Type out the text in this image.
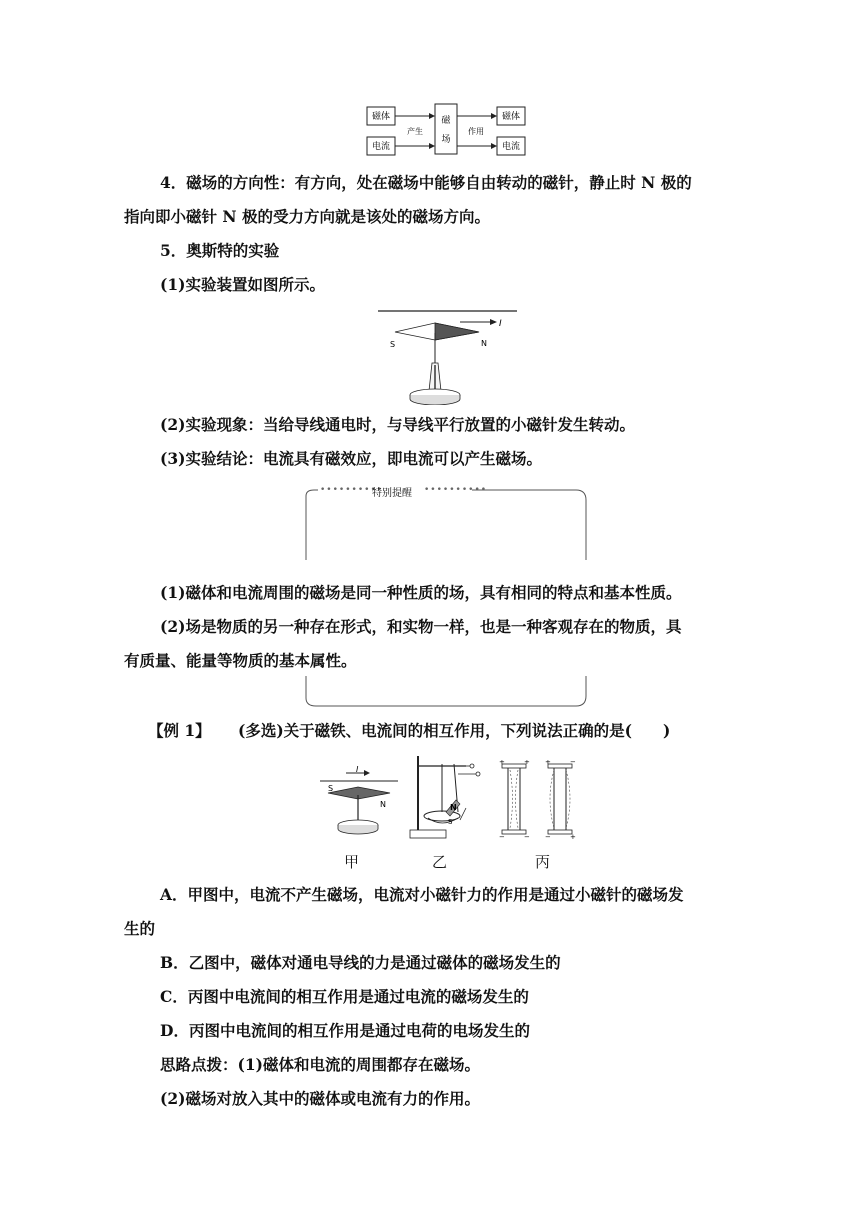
磁体
电流
产生
磁
场
作用
磁体
电流
4．磁场的方向性：有方向，处在磁场中能够自由转动的磁针，静止时 N 极的
指向即小磁针 N 极的受力方向就是该处的磁场方向。
5．奥斯特的实验
(1)实验装置如图所示。
I
S	N
(2)实验现象：当给导线通电时，与导线平行放置的小磁针发生转动。
(3)实验结论：电流具有磁效应，即电流可以产生磁场。
••••••••••
特别提醒 ••••••••••
(1)磁体和电流周围的磁场是同一种性质的场，具有相同的特点和基本性质。
(2)场是物质的另一种存在形式，和实物一样，也是一种客观存在的物质，具
有质量、能量等物质的基本属性。
【例 1】 (多选)关于磁铁、电流间的相互作用，下列说法正确的是(　　)
I
S
N	N
S
+	+
−	−
+	−
−	+
甲	乙	丙
A．甲图中，电流不产生磁场，电流对小磁针力的作用是通过小磁针的磁场发
生的
B．乙图中，磁体对通电导线的力是通过磁体的磁场发生的
C．丙图中电流间的相互作用是通过电流的磁场发生的
D．丙图中电流间的相互作用是通过电荷的电场发生的
思路点拨：(1)磁体和电流的周围都存在磁场。
(2)磁场对放入其中的磁体或电流有力的作用。
